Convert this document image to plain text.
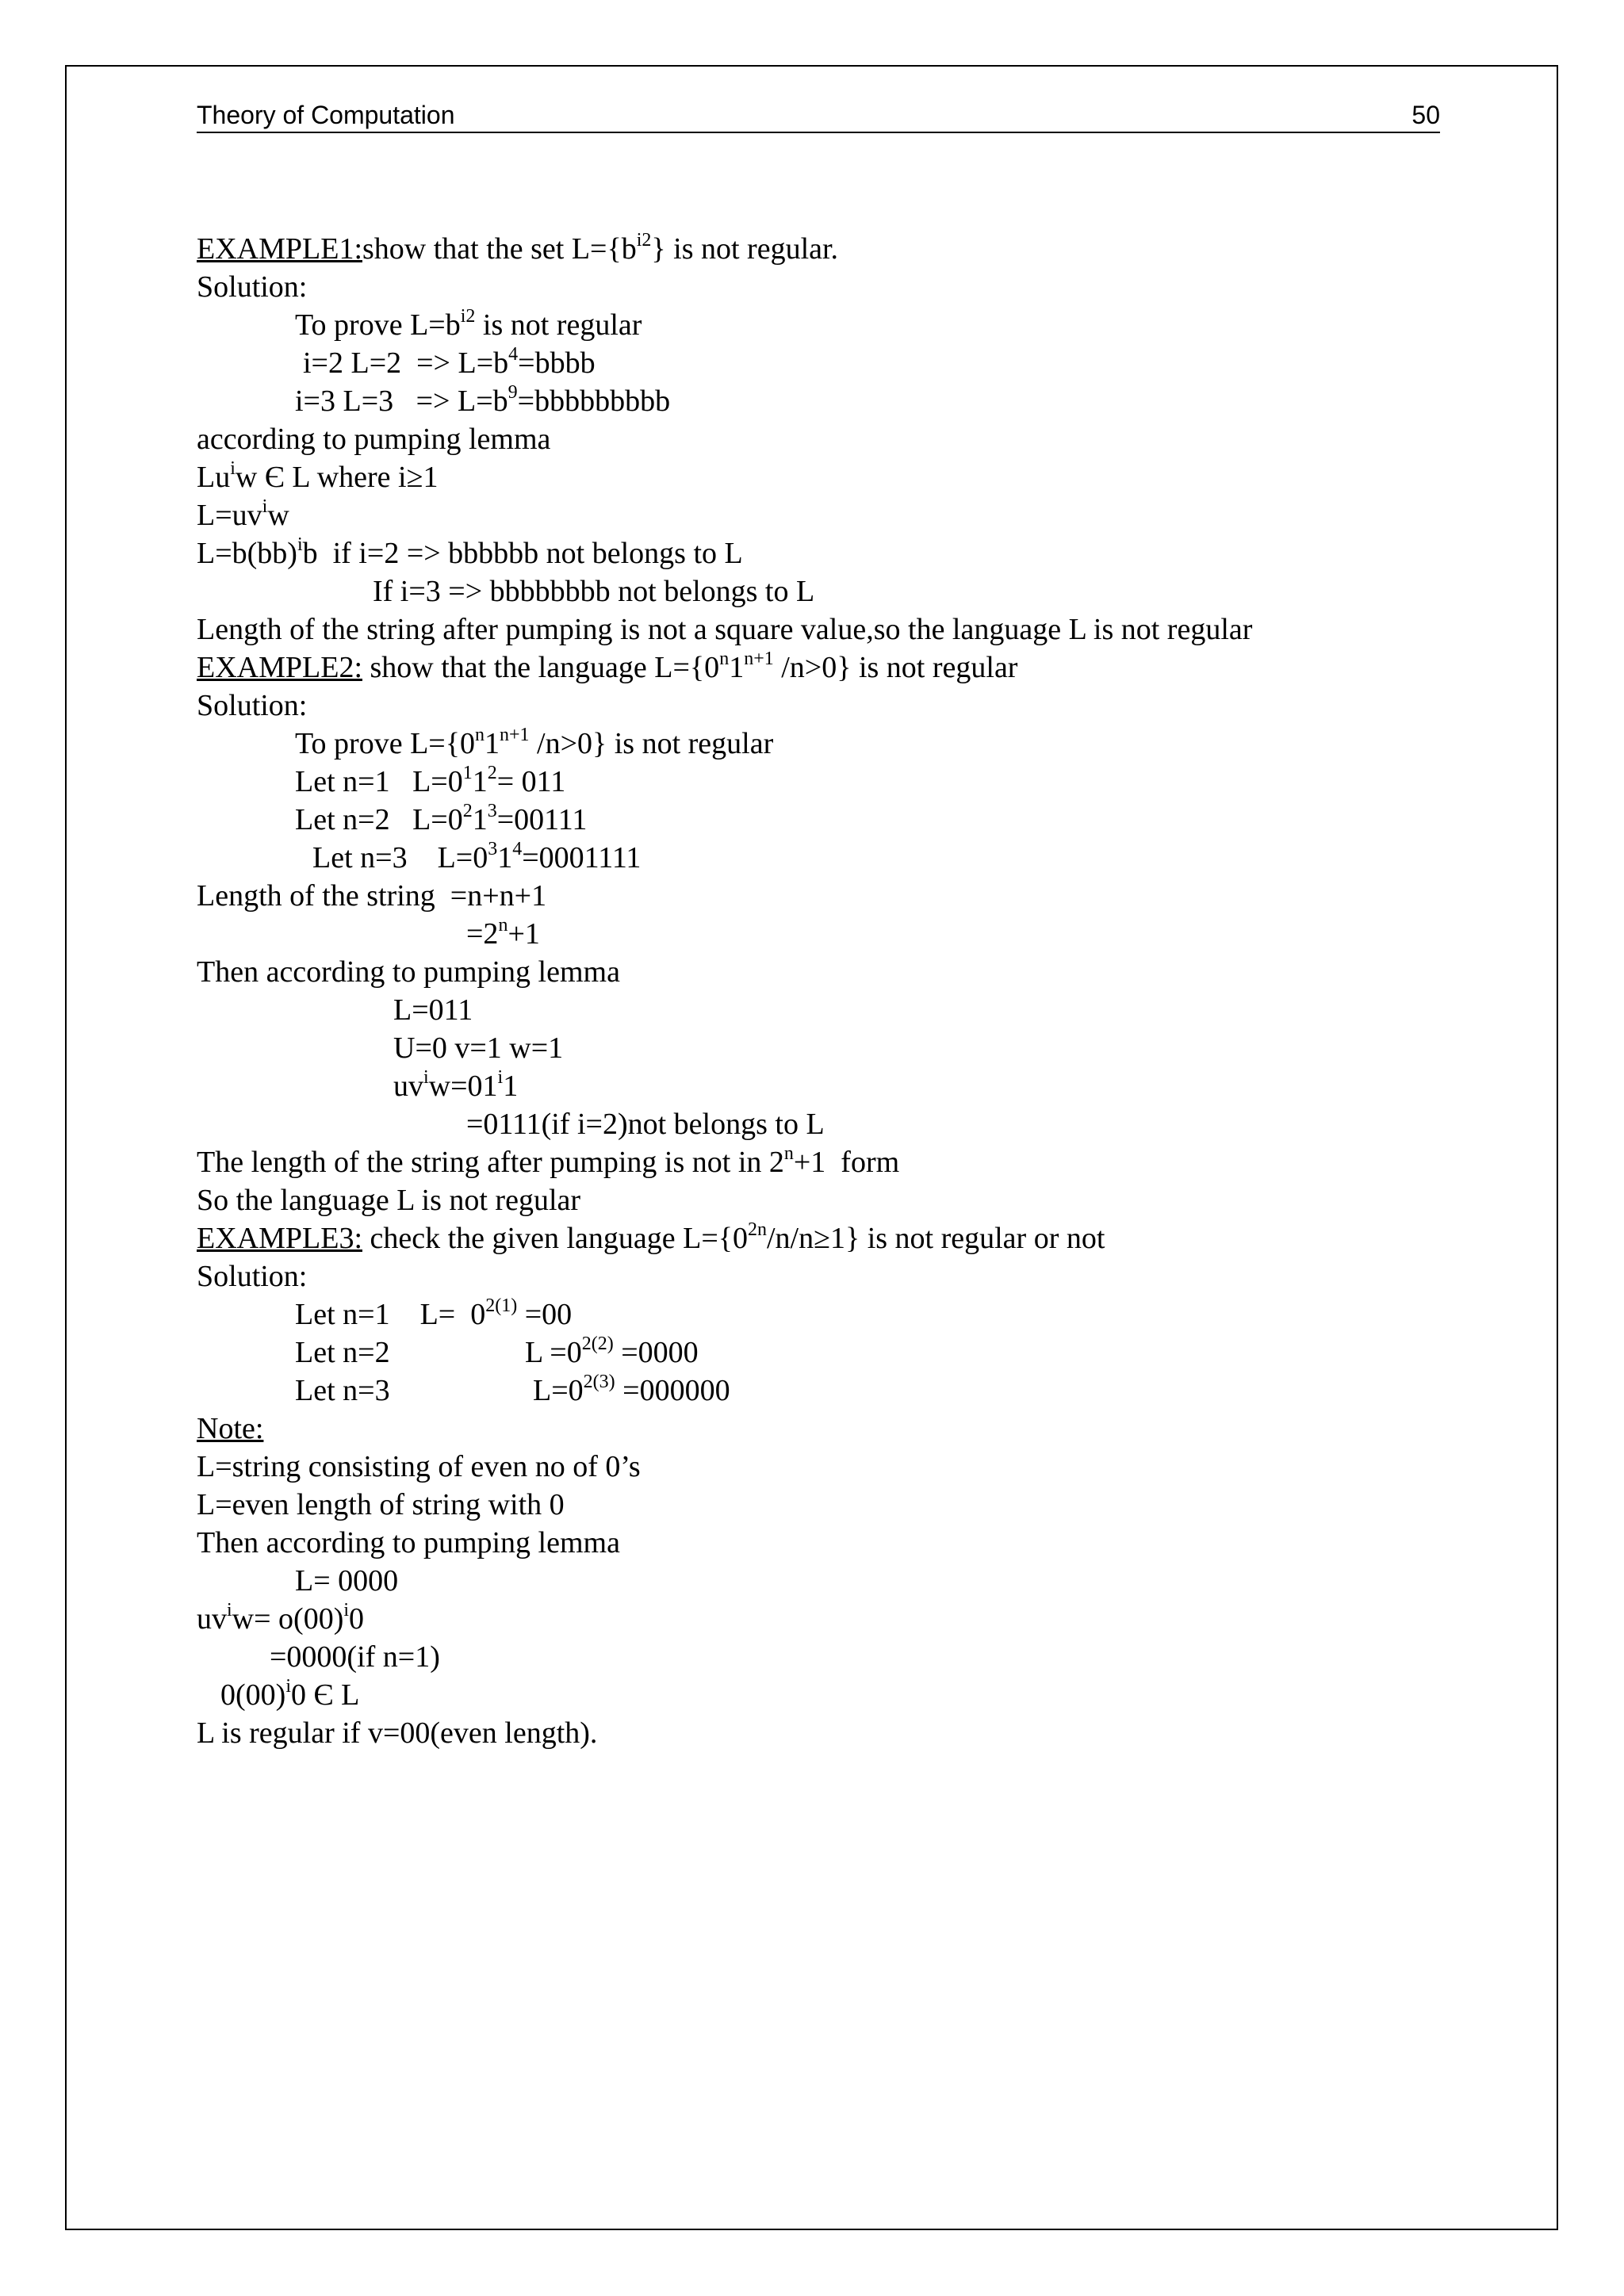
Theory of Computation	50
EXAMPLE1:show that the set $L=\{b^{i2}\}$ is not regular.
Solution:
To prove $L=b^{i2}$ is not regular
i=2 $L=2 => L=b^4=bbbb$
i=3 $L=3 => L=b^9=bbbbbbbbb$
according to pumping lemma
Lu$^i$w Є L where i≥1
$L=uv^iw$
L=b(bb)$^i$b  if i=2 => bbbbbb not belongs to L
If i=3 => bbbbbbbb not belongs to L
Length of the string after pumping is not a square value,so the language L is not regular
EXAMPLE2: show that the language $L=\{0^n1^{n+1}$ /n>0} is not regular
Solution:
To prove $L=\{0^n1^{n+1}$ /n>0} is not regular
Let n=1   $L=0^11^2= 011$
Let n=2   $L=0^21^3=00111$
Let n=3    $L=0^31^4=0001111$
Length of the string  =n+n+1
$=2^n+1$
Then according to pumping lemma
L=011
U=0 v=1 w=1
$uv^iw=01^i1$
=0111(if i=2)not belongs to L
The length of the string after pumping is not in $2^n+1$  form
So the language L is not regular
EXAMPLE3: check the given language $L=\{0^{2n}/n/n\ge 1\}$ is not regular or not
Solution:
Let n=1    $L= 0^{2(1)} =00$
Let n=2	$L =0^{2(2)} =0000$
Let n=3	$L=0^{2(3)} =000000$
Note:
L=string consisting of even no of 0’s
L=even length of string with 0
Then according to pumping lemma
L= 0000
$uv^iw= o(00)^i0$
=0000(if n=1)
$0(00)^i0$ Є L
L is regular if v=00(even length).
